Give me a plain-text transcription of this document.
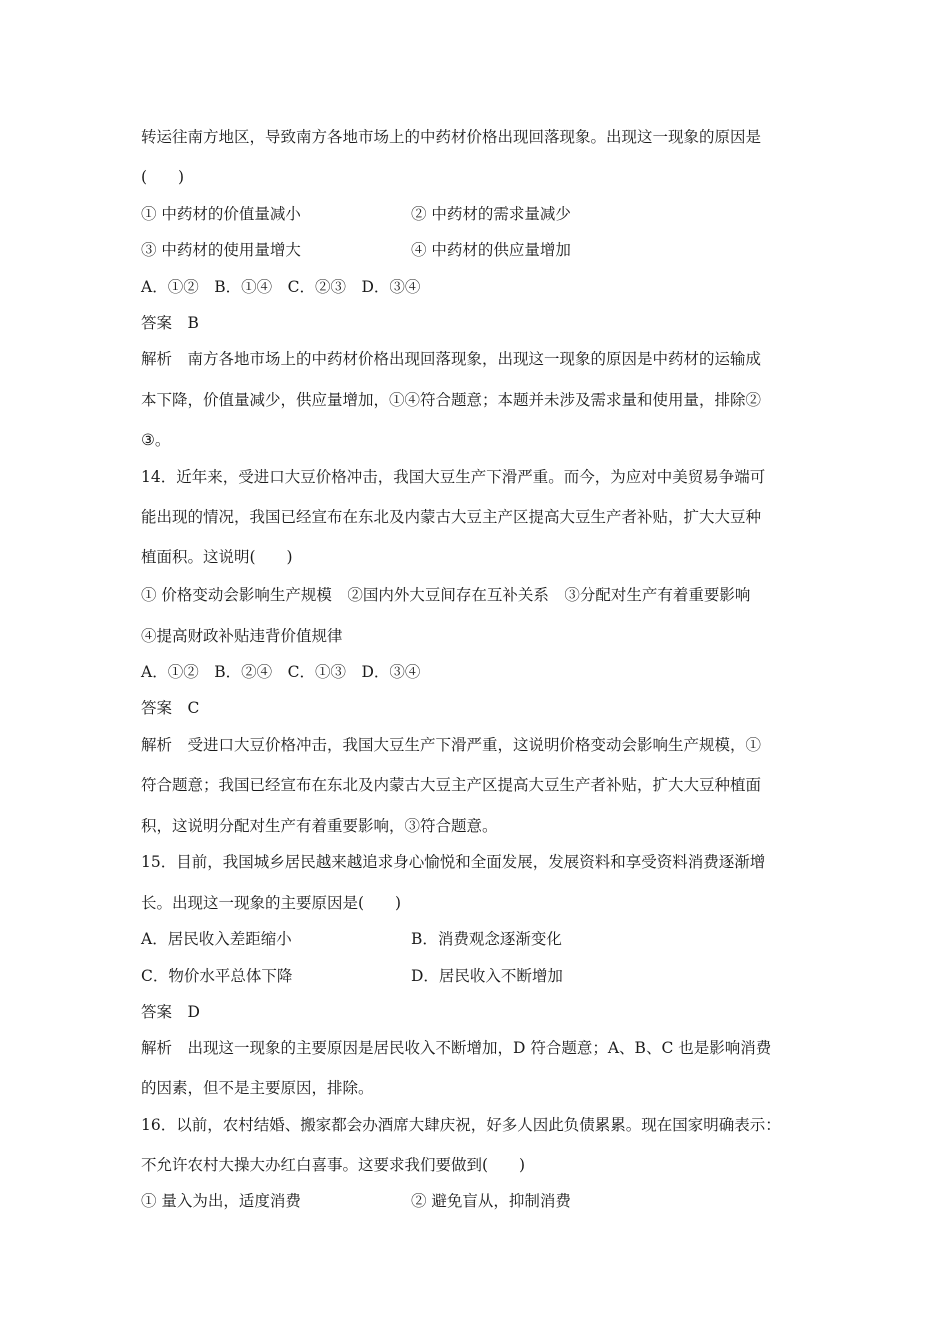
转运往南方地区，导致南方各地市场上的中药材价格出现回落现象。出现这一现象的原因是
(　　)
① 中药材的价值量减小	② 中药材的需求量减少
③ 中药材的使用量增大	④ 中药材的供应量增加
A．①②　B．①④　C．②③　D．③④
答案　B
解析　南方各地市场上的中药材价格出现回落现象，出现这一现象的原因是中药材的运输成
本下降，价值量减少，供应量增加，①④符合题意；本题并未涉及需求量和使用量，排除②
③。
14．近年来，受进口大豆价格冲击，我国大豆生产下滑严重。而今，为应对中美贸易争端可
能出现的情况，我国已经宣布在东北及内蒙古大豆主产区提高大豆生产者补贴，扩大大豆种
植面积。这说明(　　)
① 价格变动会影响生产规模　②国内外大豆间存在互补关系　③分配对生产有着重要影响
④提高财政补贴违背价值规律
A．①②　B．②④　C．①③　D．③④
答案　C
解析　受进口大豆价格冲击，我国大豆生产下滑严重，这说明价格变动会影响生产规模，①
符合题意；我国已经宣布在东北及内蒙古大豆主产区提高大豆生产者补贴，扩大大豆种植面
积，这说明分配对生产有着重要影响，③符合题意。
15．目前，我国城乡居民越来越追求身心愉悦和全面发展，发展资料和享受资料消费逐渐增
长。出现这一现象的主要原因是(　　)
A．居民收入差距缩小	B．消费观念逐渐变化
C．物价水平总体下降	D．居民收入不断增加
答案　D
解析　出现这一现象的主要原因是居民收入不断增加，D 符合题意；A、B、C 也是影响消费
的因素，但不是主要原因，排除。
16．以前，农村结婚、搬家都会办酒席大肆庆祝，好多人因此负债累累。现在国家明确表示：
不允许农村大操大办红白喜事。这要求我们要做到(　　)
① 量入为出，适度消费	② 避免盲从，抑制消费
